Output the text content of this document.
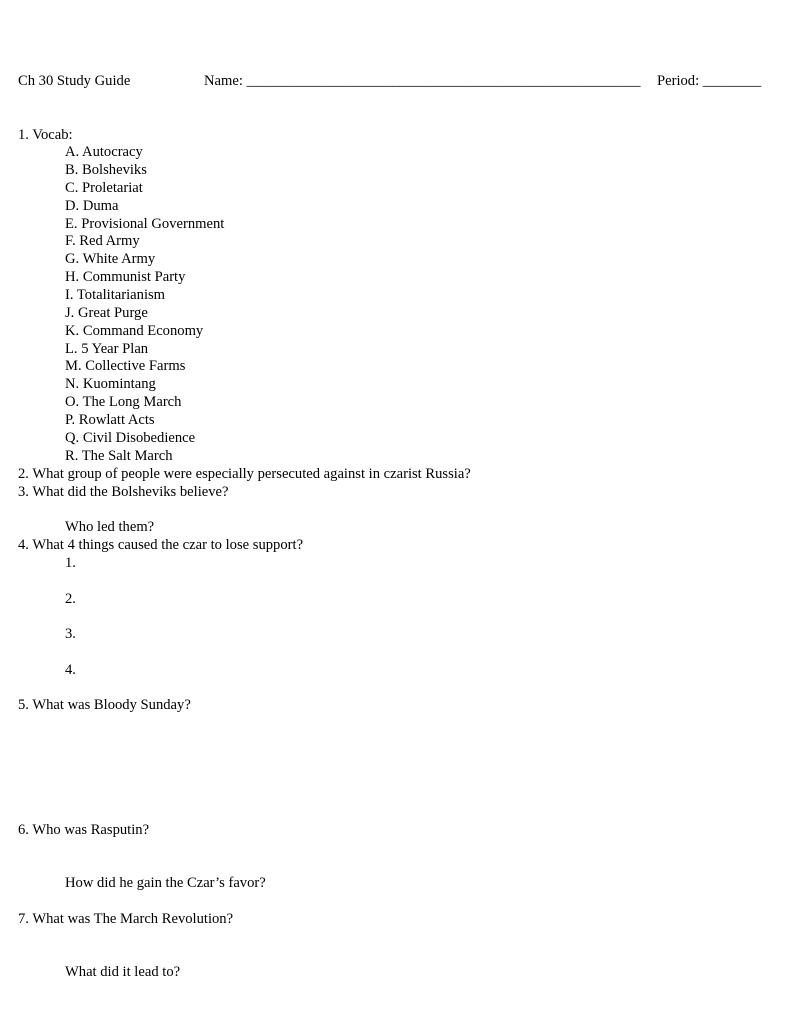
Ch 30 Study Guide	Name: ______________________________________________________ Period: ________
1. Vocab:
A. Autocracy
B. Bolsheviks
C. Proletariat
D. Duma
E. Provisional Government
F. Red Army
G. White Army
H. Communist Party
I. Totalitarianism
J. Great Purge
K. Command Economy
L. 5 Year Plan
M. Collective Farms
N. Kuomintang
O. The Long March
P. Rowlatt Acts
Q. Civil Disobedience
R. The Salt March
2. What group of people were especially persecuted against in czarist Russia?
3. What did the Bolsheviks believe?
Who led them?
4. What 4 things caused the czar to lose support?
1.
2.
3.
4.
5. What was Bloody Sunday?
6. Who was Rasputin?
How did he gain the Czar’s favor?
7. What was The March Revolution?
What did it lead to?
